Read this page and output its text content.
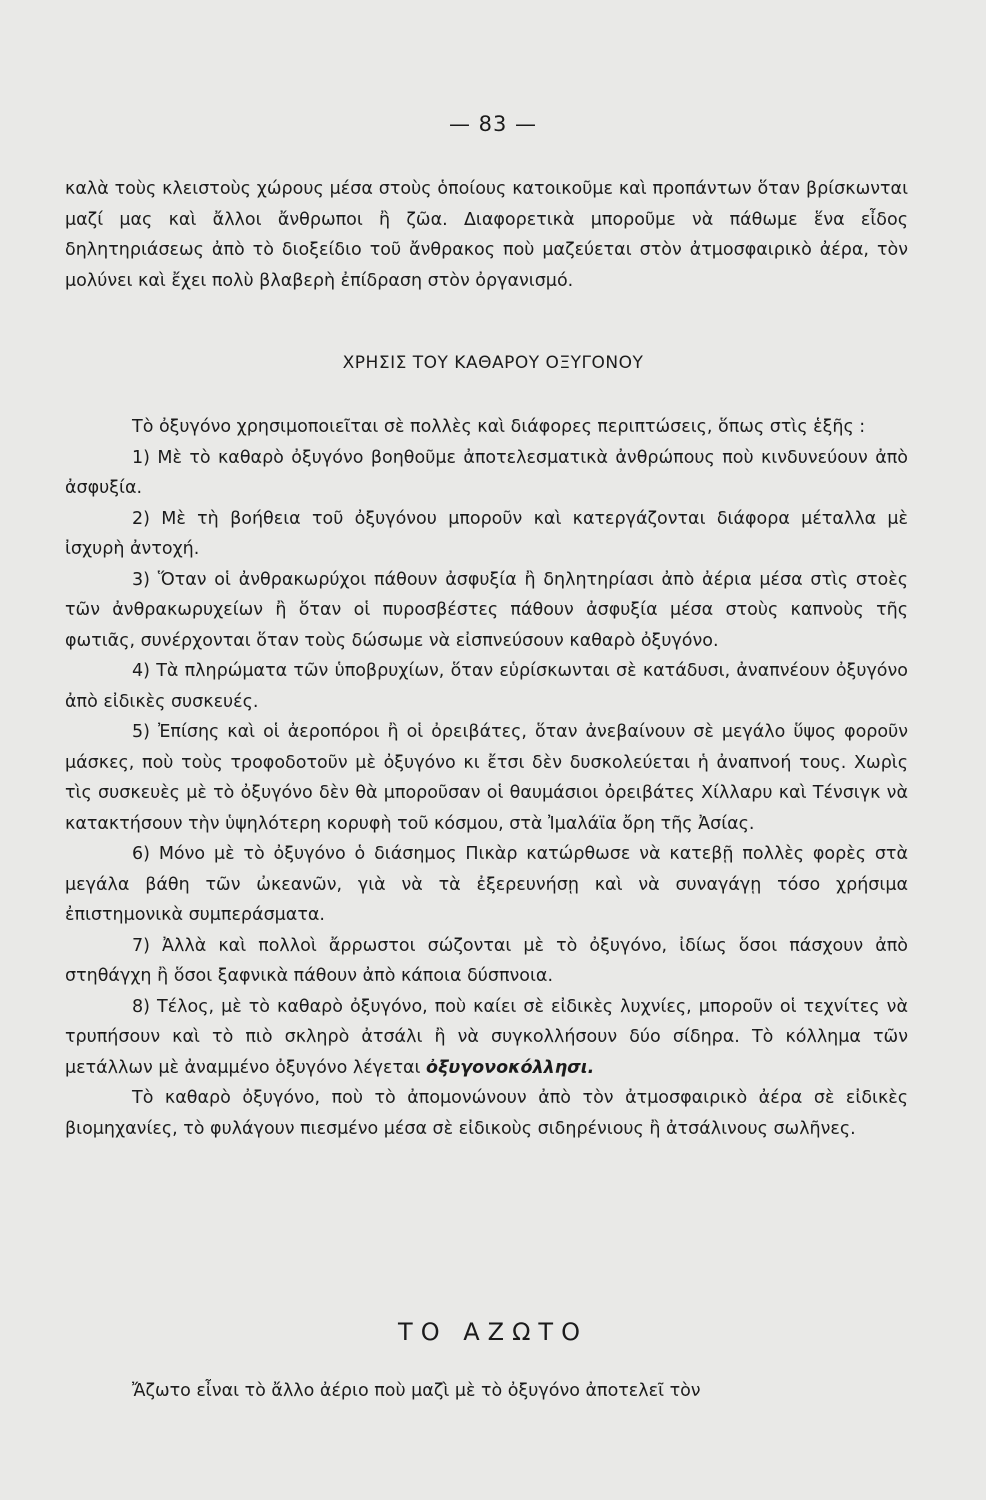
— 83 —

καλὰ τοὺς κλειστοὺς χώρους μέσα στοὺς ὁποίους κατοικοῦμε καὶ προπάντων ὅταν βρίσκωνται μαζί μας καὶ ἄλλοι ἄνθρωποι ἢ ζῶα. Διαφορετικὰ μποροῦμε νὰ πάθωμε ἕνα εἶδος δηλητηριάσεως ἀπὸ τὸ διοξείδιο τοῦ ἄνθρακος ποὺ μαζεύεται στὸν ἀτμοσφαιρικὸ ἀέρα, τὸν μολύνει καὶ ἔχει πολὺ βλαβερὴ ἐπίδραση στὸν ὀργανισμό.

ΧΡΗΣΙΣ ΤΟΥ ΚΑΘΑΡΟΥ ΟΞΥΓΟΝΟΥ

Τὸ ὀξυγόνο χρησιμοποιεῖται σὲ πολλὲς καὶ διάφορες περιπτώσεις, ὅπως στὶς ἑξῆς :

1) Μὲ τὸ καθαρὸ ὀξυγόνο βοηθοῦμε ἀποτελεσματικὰ ἀνθρώπους ποὺ κινδυνεύουν ἀπὸ ἀσφυξία.

2) Μὲ τὴ βοήθεια τοῦ ὀξυγόνου μποροῦν καὶ κατεργάζονται διάφορα μέταλλα μὲ ἰσχυρὴ ἀντοχή.

3) Ὅταν οἱ ἀνθρακωρύχοι πάθουν ἀσφυξία ἢ δηλητηρίασι ἀπὸ ἀέρια μέσα στὶς στοὲς τῶν ἀνθρακωρυχείων ἢ ὅταν οἱ πυροσβέστες πάθουν ἀσφυξία μέσα στοὺς καπνοὺς τῆς φωτιᾶς, συνέρχονται ὅταν τοὺς δώσωμε νὰ εἰσπνεύσουν καθαρὸ ὀξυγόνο.

4) Τὰ πληρώματα τῶν ὑποβρυχίων, ὅταν εὑρίσκωνται σὲ κατάδυσι, ἀναπνέουν ὀξυγόνο ἀπὸ εἰδικὲς συσκευές.

5) Ἐπίσης καὶ οἱ ἀεροπόροι ἢ οἱ ὀρειβάτες, ὅταν ἀνεβαίνουν σὲ μεγάλο ὕψος φοροῦν μάσκες, ποὺ τοὺς τροφοδοτοῦν μὲ ὀξυγόνο κι ἔτσι δὲν δυσκολεύεται ἡ ἀναπνοή τους. Χωρὶς τὶς συσκευὲς μὲ τὸ ὀξυγόνο δὲν θὰ μποροῦσαν οἱ θαυμάσιοι ὀρειβάτες Χίλλαρυ καὶ Τένσιγκ νὰ κατακτήσουν τὴν ὑψηλότερη κορυφὴ τοῦ κόσμου, στὰ Ἰμαλάϊα ὄρη τῆς Ἀσίας.

6) Μόνο μὲ τὸ ὀξυγόνο ὁ διάσημος Πικὰρ κατώρθωσε νὰ κατεβῇ πολλὲς φορὲς στὰ μεγάλα βάθη τῶν ὠκεανῶν, γιὰ νὰ τὰ ἐξερευνήσῃ καὶ νὰ συναγάγῃ τόσο χρήσιμα ἐπιστημονικὰ συμπεράσματα.

7) Ἀλλὰ καὶ πολλοὶ ἄρρωστοι σώζονται μὲ τὸ ὀξυγόνο, ἰδίως ὅσοι πάσχουν ἀπὸ στηθάγχη ἢ ὅσοι ξαφνικὰ πάθουν ἀπὸ κάποια δύσπνοια.

8) Τέλος, μὲ τὸ καθαρὸ ὀξυγόνο, ποὺ καίει σὲ εἰδικὲς λυχνίες, μποροῦν οἱ τεχνίτες νὰ τρυπήσουν καὶ τὸ πιὸ σκληρὸ ἀτσάλι ἢ νὰ συγκολλήσουν δύο σίδηρα. Τὸ κόλλημα τῶν μετάλλων μὲ ἀναμμένο ὀξυγόνο λέγεται ὀξυγονοκόλλησι.

Τὸ καθαρὸ ὀξυγόνο, ποὺ τὸ ἀπομονώνουν ἀπὸ τὸν ἀτμοσφαιρικὸ ἀέρα σὲ εἰδικὲς βιομηχανίες, τὸ φυλάγουν πιεσμένο μέσα σὲ εἰδικοὺς σιδηρένιους ἢ ἀτσάλινους σωλῆνες.

ΤΟ ΑΖΩΤΟ

Ἄζωτο εἶναι τὸ ἄλλο ἀέριο ποὺ μαζὶ μὲ τὸ ὀξυγόνο ἀποτελεῖ τὸν
